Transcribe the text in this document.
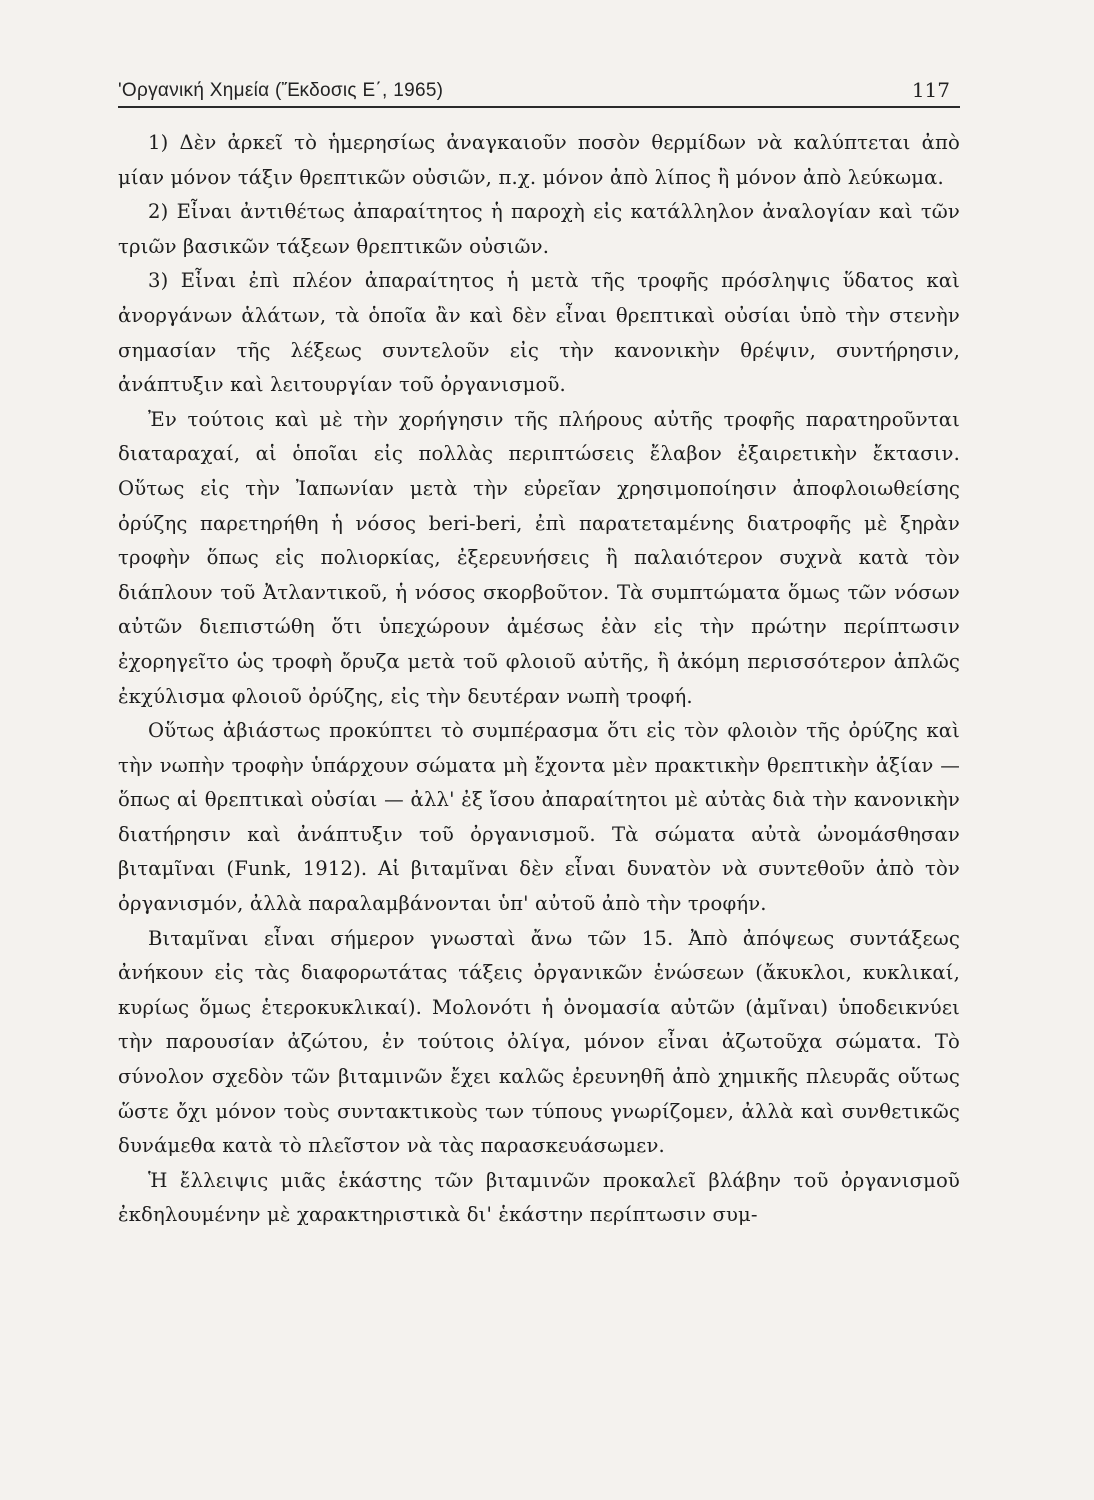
'Οργανική Χημεία (Ἔκδοσις Ε΄, 1965)	117

1) Δὲν ἀρκεῖ τὸ ἡμερησίως ἀναγκαιοῦν ποσὸν θερμίδων νὰ καλύπτεται ἀπὸ μίαν μόνον τάξιν θρεπτικῶν οὐσιῶν, π.χ. μόνον ἀπὸ λίπος ἢ μόνον ἀπὸ λεύκωμα.

2) Εἶναι ἀντιθέτως ἀπαραίτητος ἡ παροχὴ εἰς κατάλληλον ἀναλογίαν καὶ τῶν τριῶν βασικῶν τάξεων θρεπτικῶν οὐσιῶν.

3) Εἶναι ἐπὶ πλέον ἀπαραίτητος ἡ μετὰ τῆς τροφῆς πρόσληψις ὕδατος καὶ ἀνοργάνων ἁλάτων, τὰ ὁποῖα ἂν καὶ δὲν εἶναι θρεπτικαὶ οὐσίαι ὑπὸ τὴν στενὴν σημασίαν τῆς λέξεως συντελοῦν εἰς τὴν κανονικὴν θρέψιν, συντήρησιν, ἀνάπτυξιν καὶ λειτουργίαν τοῦ ὀργανισμοῦ.

Ἐν τούτοις καὶ μὲ τὴν χορήγησιν τῆς πλήρους αὐτῆς τροφῆς παρατηροῦνται διαταραχαί, αἱ ὁποῖαι εἰς πολλὰς περιπτώσεις ἔλαβον ἐξαιρετικὴν ἔκτασιν. Οὕτως εἰς τὴν Ἰαπωνίαν μετὰ τὴν εὐρεῖαν χρησιμοποίησιν ἀποφλοιωθείσης ὀρύζης παρετηρήθη ἡ νόσος beri-beri, ἐπὶ παρατεταμένης διατροφῆς μὲ ξηρὰν τροφὴν ὅπως εἰς πολιορκίας, ἐξερευνήσεις ἢ παλαιότερον συχνὰ κατὰ τὸν διάπλουν τοῦ Ἀτλαντικοῦ, ἡ νόσος σκορβοῦτον. Τὰ συμπτώματα ὅμως τῶν νόσων αὐτῶν διεπιστώθη ὅτι ὑπεχώρουν ἀμέσως ἐὰν εἰς τὴν πρώτην περίπτωσιν ἐχορηγεῖτο ὡς τροφὴ ὄρυζα μετὰ τοῦ φλοιοῦ αὐτῆς, ἢ ἀκόμη περισσότερον ἁπλῶς ἐκχύλισμα φλοιοῦ ὀρύζης, εἰς τὴν δευτέραν νωπὴ τροφή.

Οὕτως ἀβιάστως προκύπτει τὸ συμπέρασμα ὅτι εἰς τὸν φλοιὸν τῆς ὀρύζης καὶ τὴν νωπὴν τροφὴν ὑπάρχουν σώματα μὴ ἔχοντα μὲν πρακτικὴν θρεπτικὴν ἀξίαν — ὅπως αἱ θρεπτικαὶ οὐσίαι — ἀλλ' ἐξ ἴσου ἀπαραίτητοι μὲ αὐτὰς διὰ τὴν κανονικὴν διατήρησιν καὶ ἀνάπτυξιν τοῦ ὀργανισμοῦ. Τὰ σώματα αὐτὰ ὠνομάσθησαν βιταμῖναι (Funk, 1912). Αἱ βιταμῖναι δὲν εἶναι δυνατὸν νὰ συντεθοῦν ἀπὸ τὸν ὀργανισμόν, ἀλλὰ παραλαμβάνονται ὑπ' αὐτοῦ ἀπὸ τὴν τροφήν.

Βιταμῖναι εἶναι σήμερον γνωσταὶ ἄνω τῶν 15. Ἀπὸ ἀπόψεως συντάξεως ἀνήκουν εἰς τὰς διαφορωτάτας τάξεις ὀργανικῶν ἑνώσεων (ἄκυκλοι, κυκλικαί, κυρίως ὅμως ἑτεροκυκλικαί). Μολονότι ἡ ὀνομασία αὐτῶν (ἀμῖναι) ὑποδεικνύει τὴν παρουσίαν ἀζώτου, ἐν τούτοις ὀλίγα, μόνον εἶναι ἀζωτοῦχα σώματα. Τὸ σύνολον σχεδὸν τῶν βιταμινῶν ἔχει καλῶς ἐρευνηθῆ ἀπὸ χημικῆς πλευρᾶς οὕτως ὥστε ὄχι μόνον τοὺς συντακτικοὺς των τύπους γνωρίζομεν, ἀλλὰ καὶ συνθετικῶς δυνάμεθα κατὰ τὸ πλεῖστον νὰ τὰς παρασκευάσωμεν.

Ἡ ἔλλειψις μιᾶς ἑκάστης τῶν βιταμινῶν προκαλεῖ βλάβην τοῦ ὀργανισμοῦ ἐκδηλουμένην μὲ χαρακτηριστικὰ δι' ἑκάστην περίπτωσιν συμ-
